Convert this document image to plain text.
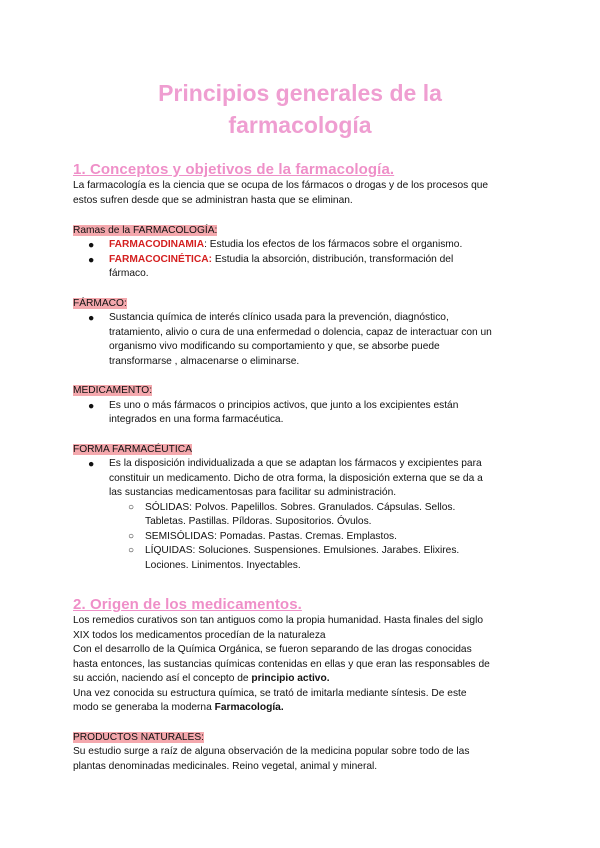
Principios generales de la
farmacología
1. Conceptos y objetivos de la farmacología.

La farmacología es la ciencia que se ocupa de los fármacos o drogas y de los procesos que

estos sufren desde que se administran hasta que se eliminan.

Ramas de la FARMACOLOGÍA:

● FARMACODINAMIA: Estudia los efectos de los fármacos sobre el organismo.

● FARMACOCINÉTICA: Estudia la absorción, distribución, transformación del

fármaco.

FÁRMACO:

● Sustancia química de interés clínico usada para la prevención, diagnóstico,

tratamiento, alivio o cura de una enfermedad o dolencia, capaz de interactuar con un

organismo vivo modificando su comportamiento y que, se absorbe puede

transformarse , almacenarse o eliminarse.

MEDICAMENTO:

● Es uno o más fármacos o principios activos, que junto a los excipientes están

integrados en una forma farmacéutica.

FORMA FARMACÉUTICA

● Es la disposición individualizada a que se adaptan los fármacos y excipientes para

constituir un medicamento. Dicho de otra forma, la disposición externa que se da a

las sustancias medicamentosas para facilitar su administración.

○ SÓLIDAS: Polvos. Papelillos. Sobres. Granulados. Cápsulas. Sellos.

Tabletas. Pastillas. Píldoras. Supositorios. Óvulos.

○ SEMISÓLIDAS: Pomadas. Pastas. Cremas. Emplastos.

○ LÍQUIDAS: Soluciones. Suspensiones. Emulsiones. Jarabes. Elixires.

Lociones. Linimentos. Inyectables.

2. Origen de los medicamentos.

Los remedios curativos son tan antiguos como la propia humanidad. Hasta finales del siglo

XIX todos los medicamentos procedían de la naturaleza

Con el desarrollo de la Química Orgánica, se fueron separando de las drogas conocidas

hasta entonces, las sustancias químicas contenidas en ellas y que eran las responsables de

su acción, naciendo así el concepto de principio activo.

Una vez conocida su estructura química, se trató de imitarla mediante síntesis. De este

modo se generaba la moderna Farmacología.

PRODUCTOS NATURALES:

Su estudio surge a raíz de alguna observación de la medicina popular sobre todo de las

plantas denominadas medicinales. Reino vegetal, animal y mineral.
